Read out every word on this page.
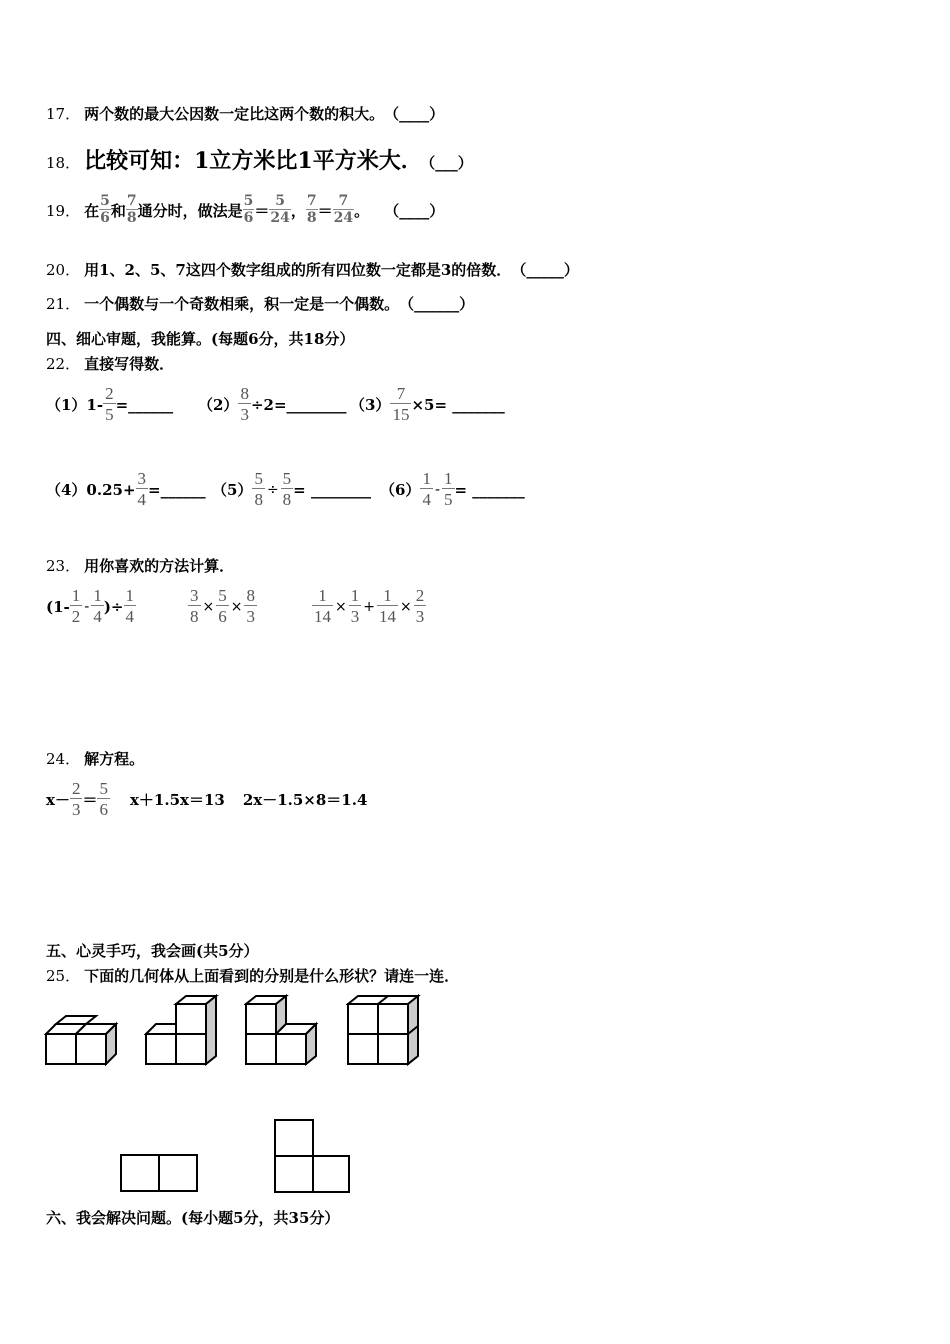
17． 两个数的最大公因数一定比这两个数的积大。　 （____）
18． 比较可知：1立方米比1平方米大．　 （___）
19． 在
5
6 和
7
8 通分时，做法是
5
6 ＝
5
24 ，
7
8 ＝
7
24 。
　 （____）
20． 用1、2、5、7这四个数字组成的所有四位数一定都是3的倍数．　 （_____）
21． 一个偶数与一个奇数相乘，积一定是一个偶数。　 （______）
四、细心审题，我能算。(每题6分，共18分）
22． 直接写得数．
$(1)1- \frac{2}{5}$ =______ $(2) \frac{8}{3}$ ÷2=________ $(3) \frac{7}{15} \times 5=$ _______
$(4)0.25+ \frac{3}{4}$ =______ $(5) \frac{5}{8} \div \frac{5}{8}$ = ________ $(6) \frac{1}{4} - \frac{1}{5}$ = _______
23． 用你喜欢的方法计算．
($1- \frac{1}{2} - \frac{1}{4}$ )÷ $\frac{1}{4}$	$\frac{3}{8} \times \frac{5}{6} \times \frac{8}{3}$	$\frac{1}{14} \times \frac{1}{3} + \frac{1}{14} \times \frac{2}{3}$
24． 解方程。
$x- \frac{2}{3} = \frac{5}{6} x+1.5x=13$ 2x－1.5×8＝1.4
五、心灵手巧，我会画(共5分）
25． 下面的几何体从上面看到的分别是什么形状？请连一连．
六、我会解决问题。(每小题5分，共35分）
